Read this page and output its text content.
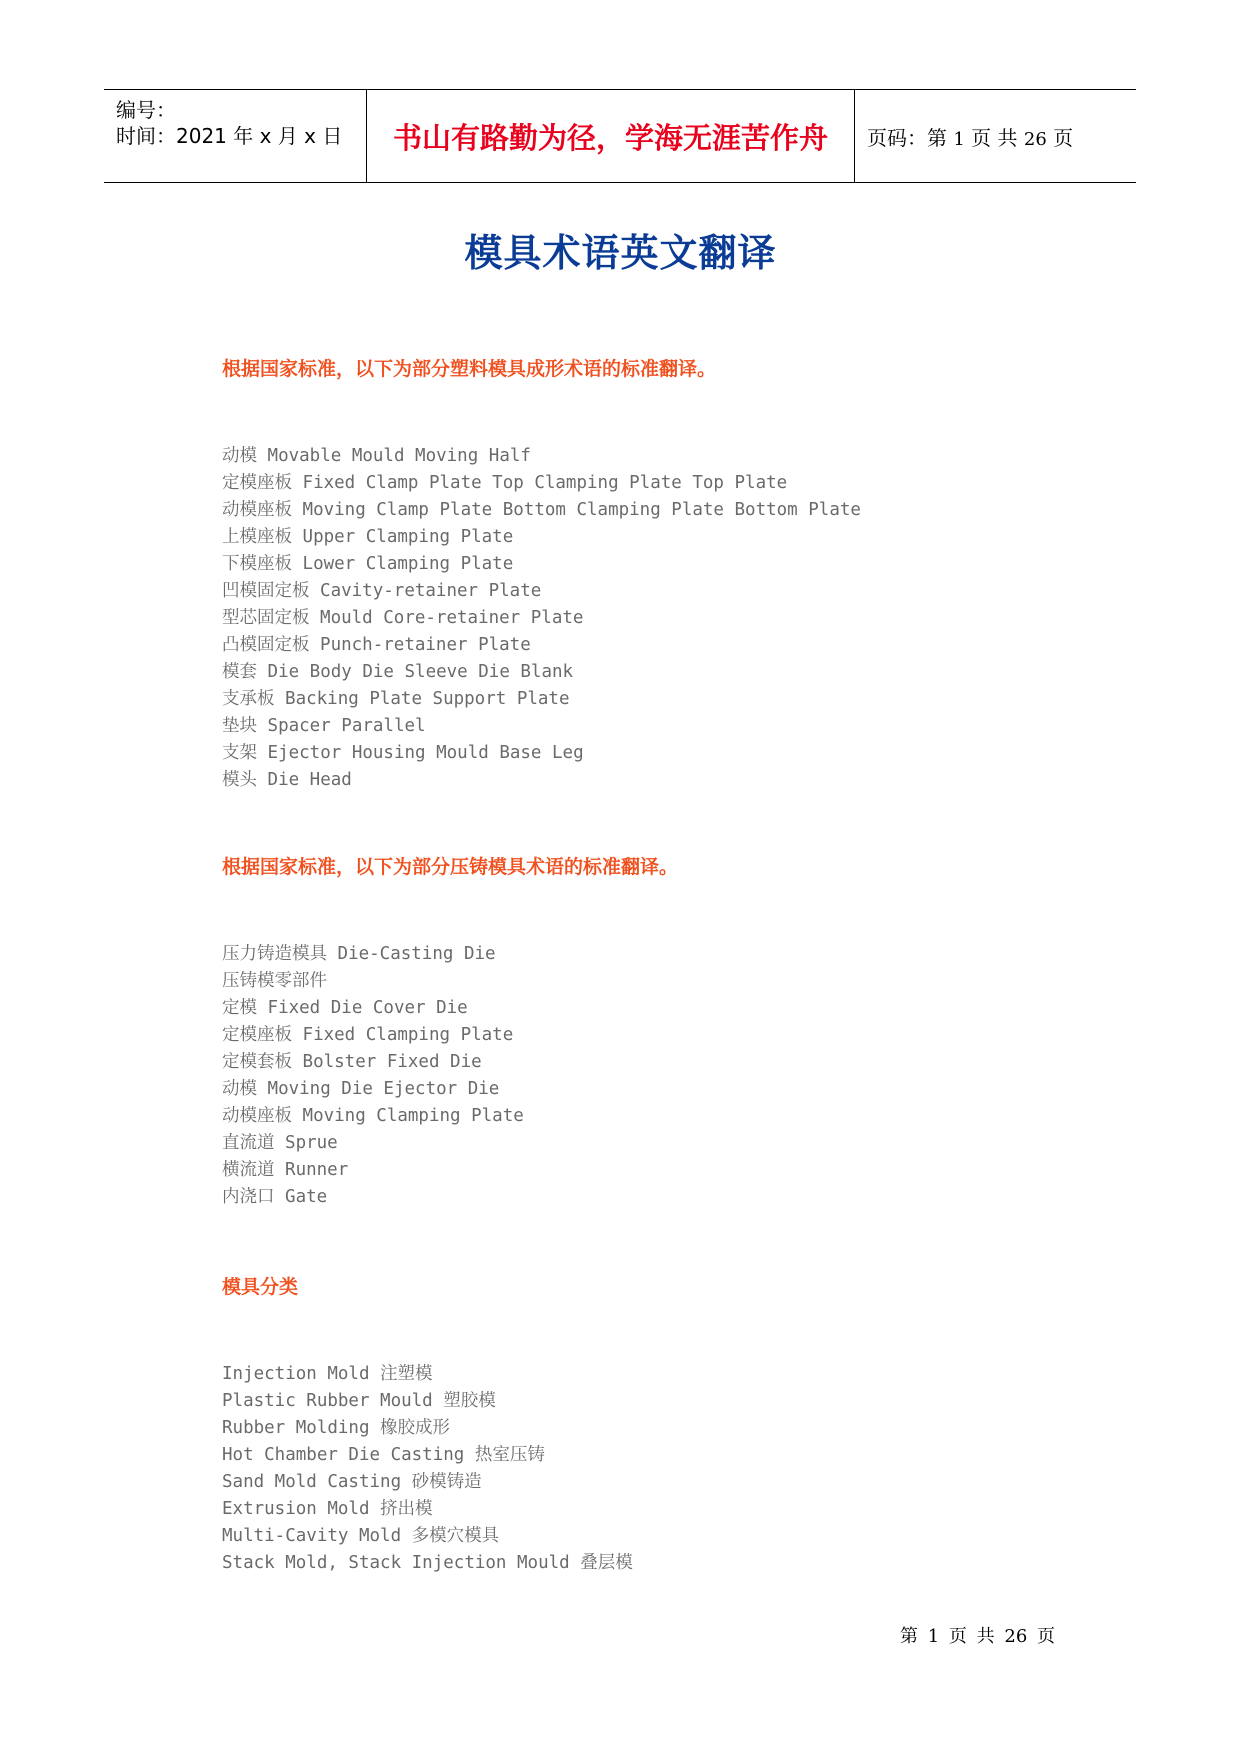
编号：
时间：2021 年 x 月 x 日 书山有路勤为径，学海无涯苦作舟 页码：第 1 页 共 26 页
模具术语英文翻译
根据国家标准，以下为部分塑料模具成形术语的标准翻译。
动模 Movable Mould Moving Half
定模座板 Fixed Clamp Plate Top Clamping Plate Top Plate
动模座板 Moving Clamp Plate Bottom Clamping Plate Bottom Plate
上模座板 Upper Clamping Plate
下模座板 Lower Clamping Plate
凹模固定板 Cavity-retainer Plate
型芯固定板 Mould Core-retainer Plate
凸模固定板 Punch-retainer Plate
模套 Die Body Die Sleeve Die Blank
支承板 Backing Plate Support Plate
垫块 Spacer Parallel
支架 Ejector Housing Mould Base Leg
模头 Die Head
根据国家标准，以下为部分压铸模具术语的标准翻译。
压力铸造模具 Die-Casting Die
压铸模零部件
定模 Fixed Die Cover Die
定模座板 Fixed Clamping Plate
定模套板 Bolster Fixed Die
动模 Moving Die Ejector Die
动模座板 Moving Clamping Plate
直流道 Sprue
横流道 Runner
内浇口 Gate
模具分类
Injection Mold 注塑模
Plastic Rubber Mould 塑胶模
Rubber Molding 橡胶成形
Hot Chamber Die Casting 热室压铸
Sand Mold Casting 砂模铸造
Extrusion Mold 挤出模
Multi-Cavity Mold 多模穴模具
Stack Mold, Stack Injection Mould 叠层模
第 1 页 共 26 页
